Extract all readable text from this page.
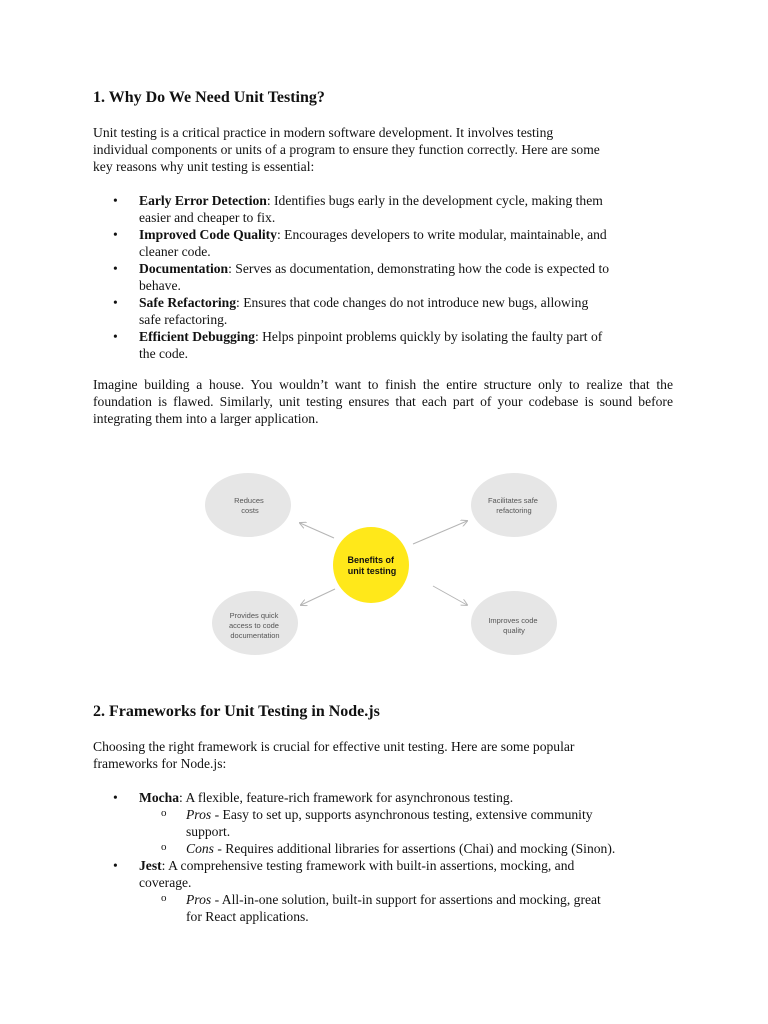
1. Why Do We Need Unit Testing?

Unit testing is a critical practice in modern software development. It involves testing
individual components or units of a program to ensure they function correctly. Here are some
key reasons why unit testing is essential:

• Early Error Detection: Identifies bugs early in the development cycle, making them
easier and cheaper to fix.
• Improved Code Quality: Encourages developers to write modular, maintainable, and
cleaner code.
• Documentation: Serves as documentation, demonstrating how the code is expected to
behave.
• Safe Refactoring: Ensures that code changes do not introduce new bugs, allowing
safe refactoring.
• Efficient Debugging: Helps pinpoint problems quickly by isolating the faulty part of
the code.

Imagine building a house. You wouldn’t want to finish the entire structure only to realize that the foundation is flawed. Similarly, unit testing ensures that each part of your codebase is sound before integrating them into a larger application.

2. Frameworks for Unit Testing in Node.js

Choosing the right framework is crucial for effective unit testing. Here are some popular
frameworks for Node.js:

• Mocha: A flexible, feature-rich framework for asynchronous testing.
o Pros - Easy to set up, supports asynchronous testing, extensive community
support.
o Cons - Requires additional libraries for assertions (Chai) and mocking (Sinon).
• Jest: A comprehensive testing framework with built-in assertions, mocking, and
coverage.
o Pros - All-in-one solution, built-in support for assertions and mocking, great
for React applications.
Benefits of unit testing
Reduces costs
Facilitates safe refactoring
Provides quick access to code documentation
Improves code quality
